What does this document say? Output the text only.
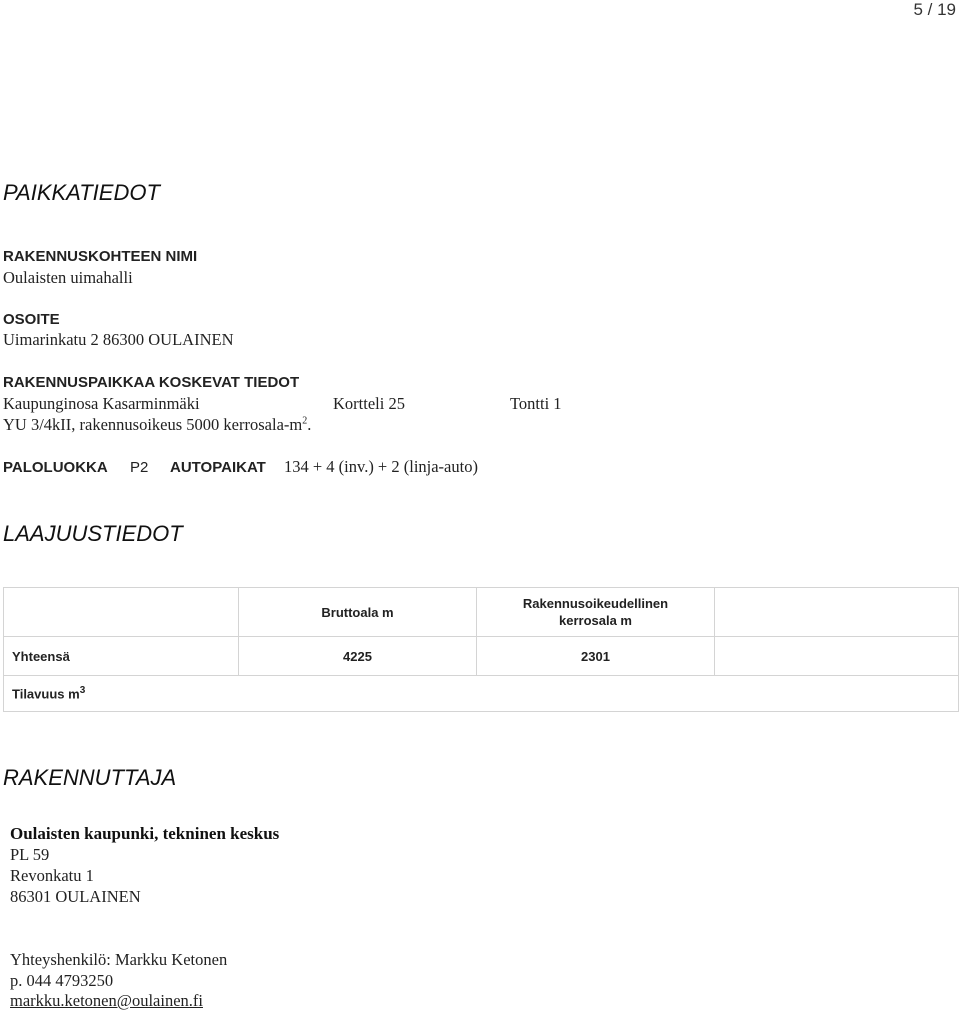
5 / 19
PAIKKATIEDOT
RAKENNUSKOHTEEN NIMI
Oulaisten uimahalli
OSOITE
Uimarinkatu 2 86300 OULAINEN
RAKENNUSPAIKKAA KOSKEVAT TIEDOT
Kaupunginosa Kasarminmäki	Kortteli 25	Tontti 1
YU 3/4kII, rakennusoikeus 5000 kerrosala-$m^2$.
PALOLUOKKA P2 AUTOPAIKAT 134 + 4 (inv.) + 2 (linja-auto)
LAAJUUSTIEDOT
	Bruttoala m	Rakennusoikeudellinen
kerrosala m	
Yhteensä	4225	2301	
Tilavuus $m^3$
RAKENNUTTAJA
Oulaisten kaupunki, tekninen keskus
PL 59
Revonkatu 1
86301 OULAINEN
Yhteyshenkilö: Markku Ketonen
p. 044 4793250
markku.ketonen@oulainen.fi
